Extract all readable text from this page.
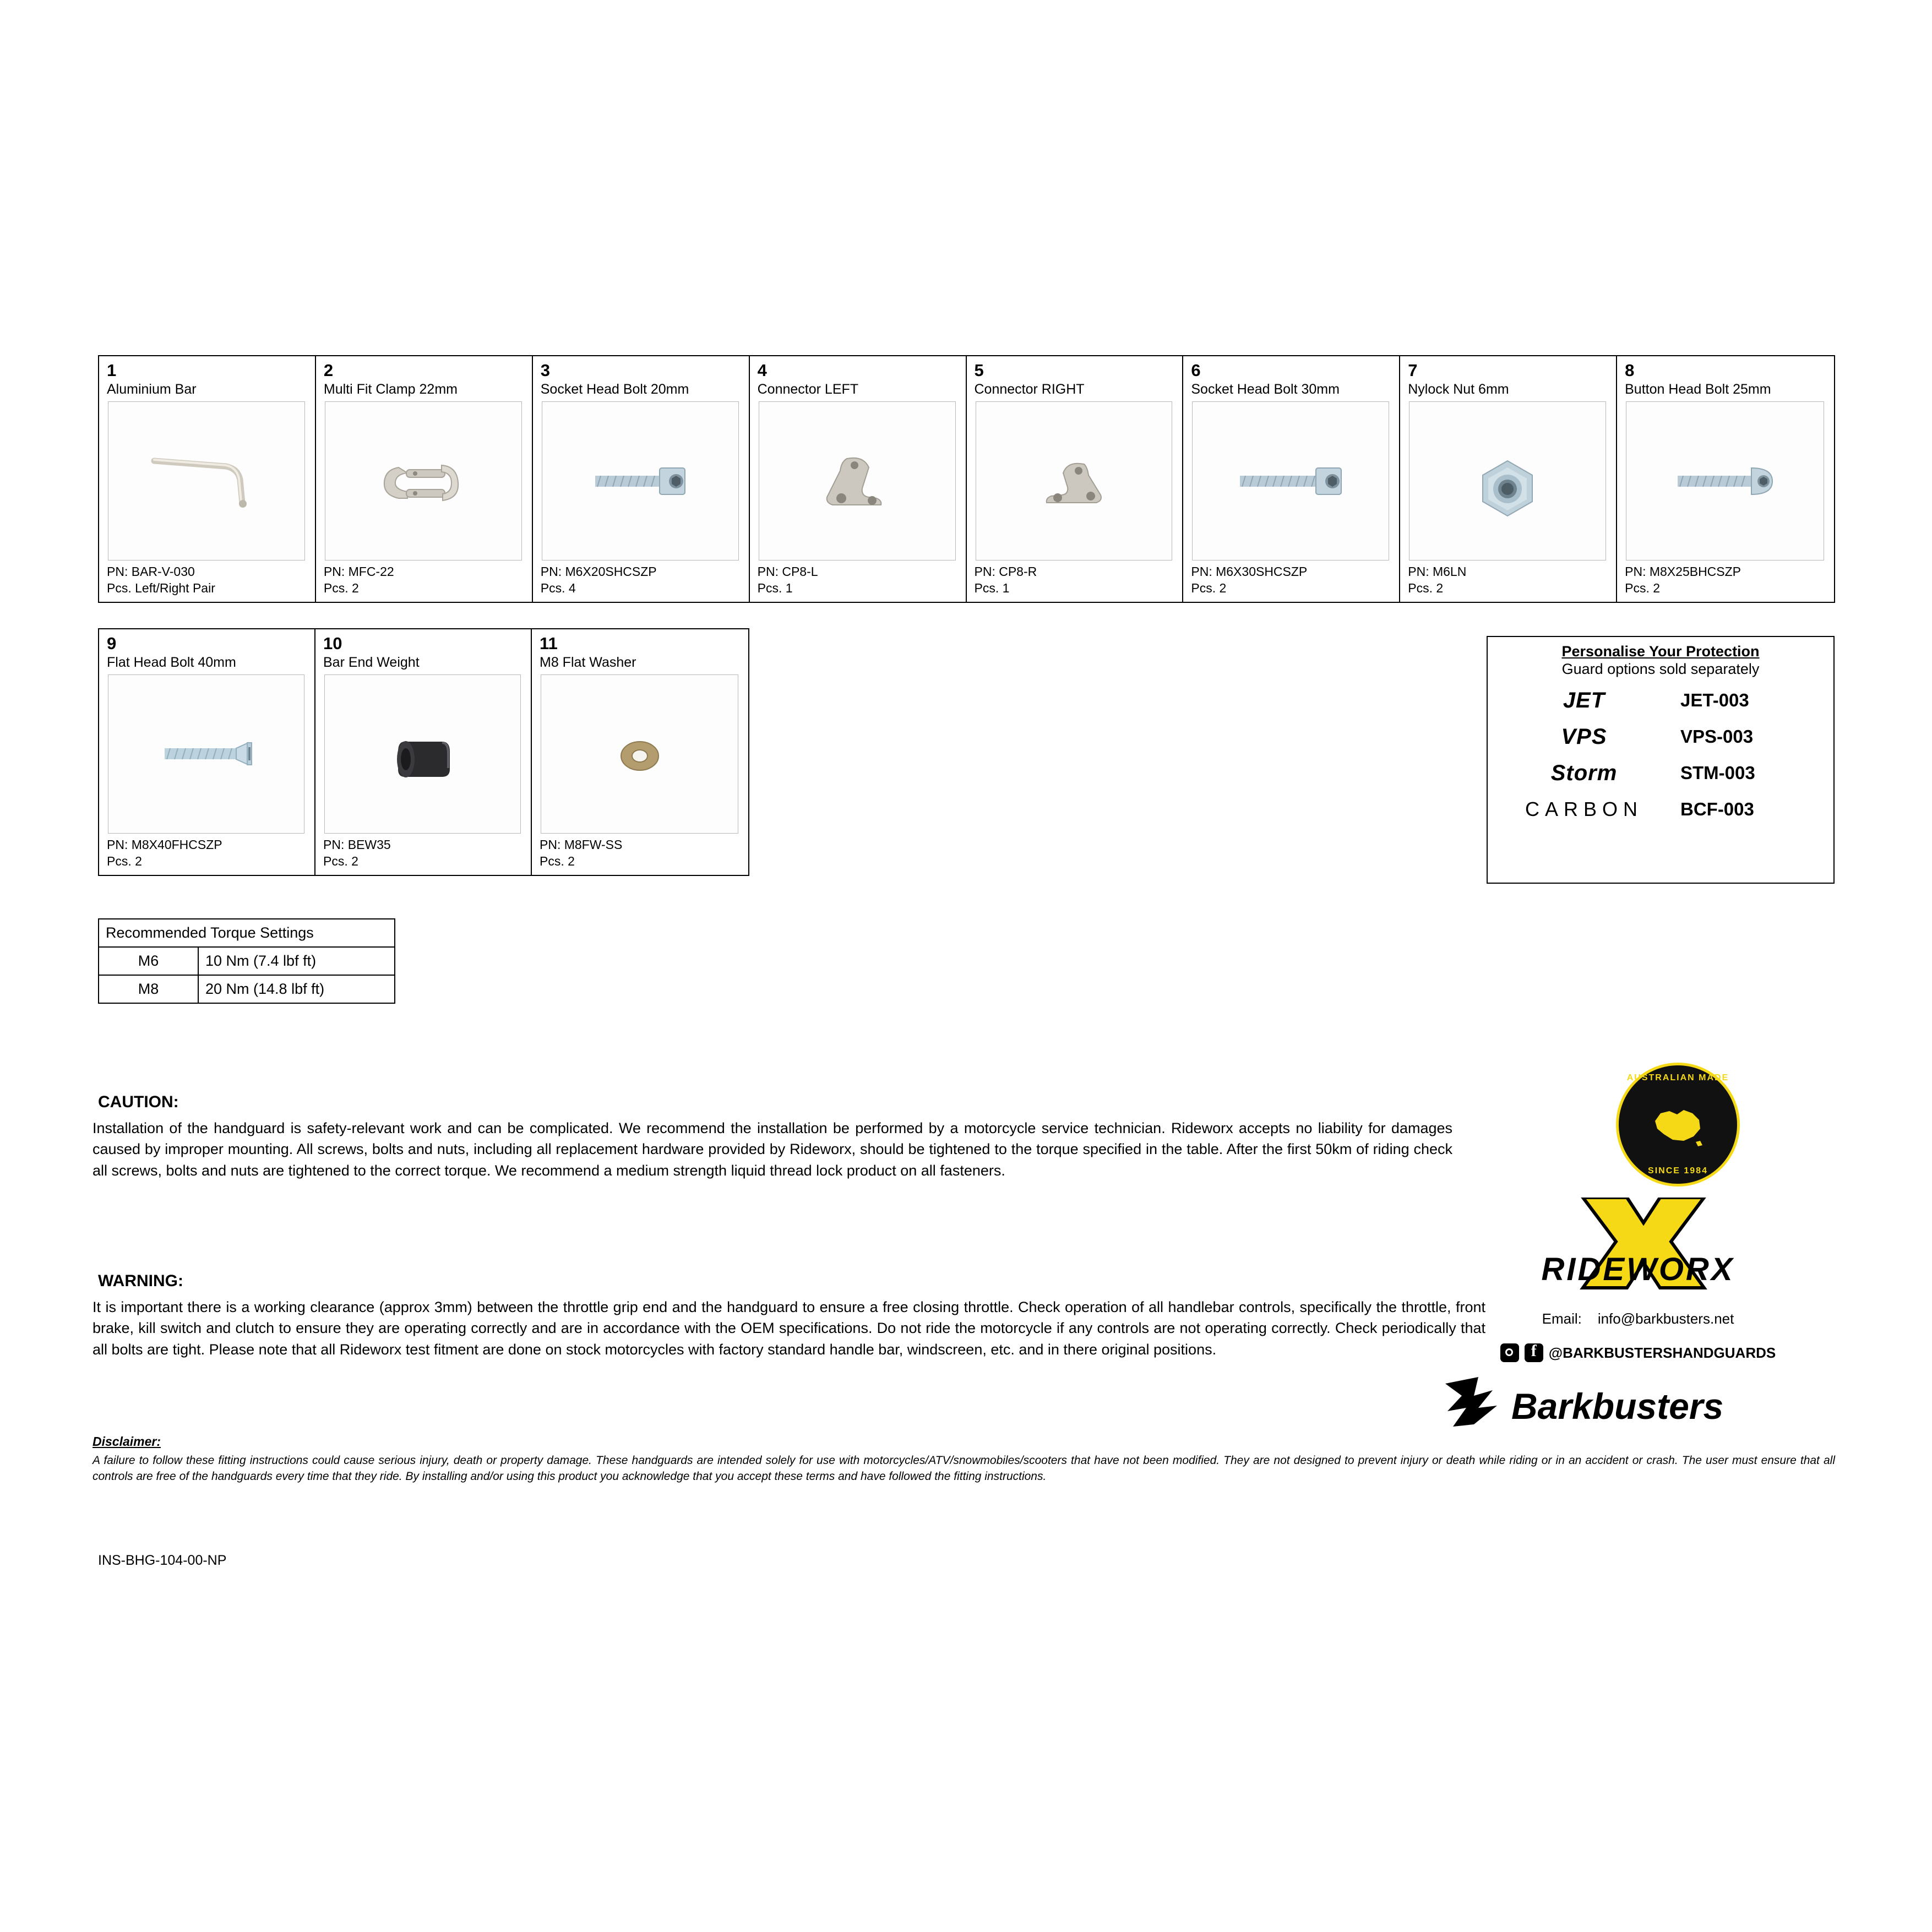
1
Aluminium Bar
PN: BAR-V-030
Pcs. Left/Right Pair
2
Multi Fit Clamp 22mm
PN: MFC-22
Pcs. 2
3
Socket Head Bolt 20mm
PN: M6X20SHCSZP
Pcs. 4
4
Connector LEFT
PN: CP8-L
Pcs. 1
5
Connector RIGHT
PN: CP8-R
Pcs. 1
6
Socket Head Bolt 30mm
PN: M6X30SHCSZP
Pcs. 2
7
Nylock Nut 6mm
PN: M6LN
Pcs. 2
8
Button Head Bolt 25mm
PN: M8X25BHCSZP
Pcs. 2
9
Flat Head Bolt 40mm
PN: M8X40FHCSZP
Pcs. 2
10
Bar End Weight
PN: BEW35
Pcs. 2
11
M8 Flat Washer
PN: M8FW-SS
Pcs. 2
Personalise Your Protection
Guard options sold separately
JET	JET-003
VPS	VPS-003
Storm	STM-003
CARBON	BCF-003
Recommended Torque Settings	
M6	10 Nm (7.4 lbf ft)
M8	20 Nm (14.8 lbf ft)
CAUTION:
Installation of the handguard is safety-relevant work and can be complicated. We recommend the installation be performed by a motorcycle service technician. Rideworx accepts no liability for damages caused by improper mounting. All screws, bolts and nuts, including all replacement hardware provided by Rideworx, should be tightened to the torque specified in the table. After the first 50km of riding check all screws, bolts and nuts are tightened to the correct torque. We recommend a medium strength liquid thread lock product on all fasteners.
WARNING:
It is important there is a working clearance (approx 3mm) between the throttle grip end and the handguard to ensure a free closing throttle. Check operation of all handlebar controls, specifically the throttle, front brake, kill switch and clutch to ensure they are operating correctly and are in accordance with the OEM specifications. Do not ride the motorcycle if any controls are not operating correctly. Check periodically that all bolts are tight. Please note that all Rideworx test fitment are done on stock motorcycles with factory standard handle bar, windscreen, etc. and in there original positions.
Disclaimer:
A failure to follow these fitting instructions could cause serious injury, death or property damage. These handguards are intended solely for use with motorcycles/ATV/snowmobiles/scooters that have not been modified. They are not designed to prevent injury or death while riding or in an accident or crash. The user must ensure that all controls are free of the handguards every time that they ride. By installing and/or using this product you acknowledge that you accept these terms and have followed the fitting instructions.
INS-BHG-104-00-NP
AUSTRALIAN MADE
SINCE 1984
RIDEWORX
Email: info@barkbusters.net
f
@BARKBUSTERSHANDGUARDS
Barkbusters
